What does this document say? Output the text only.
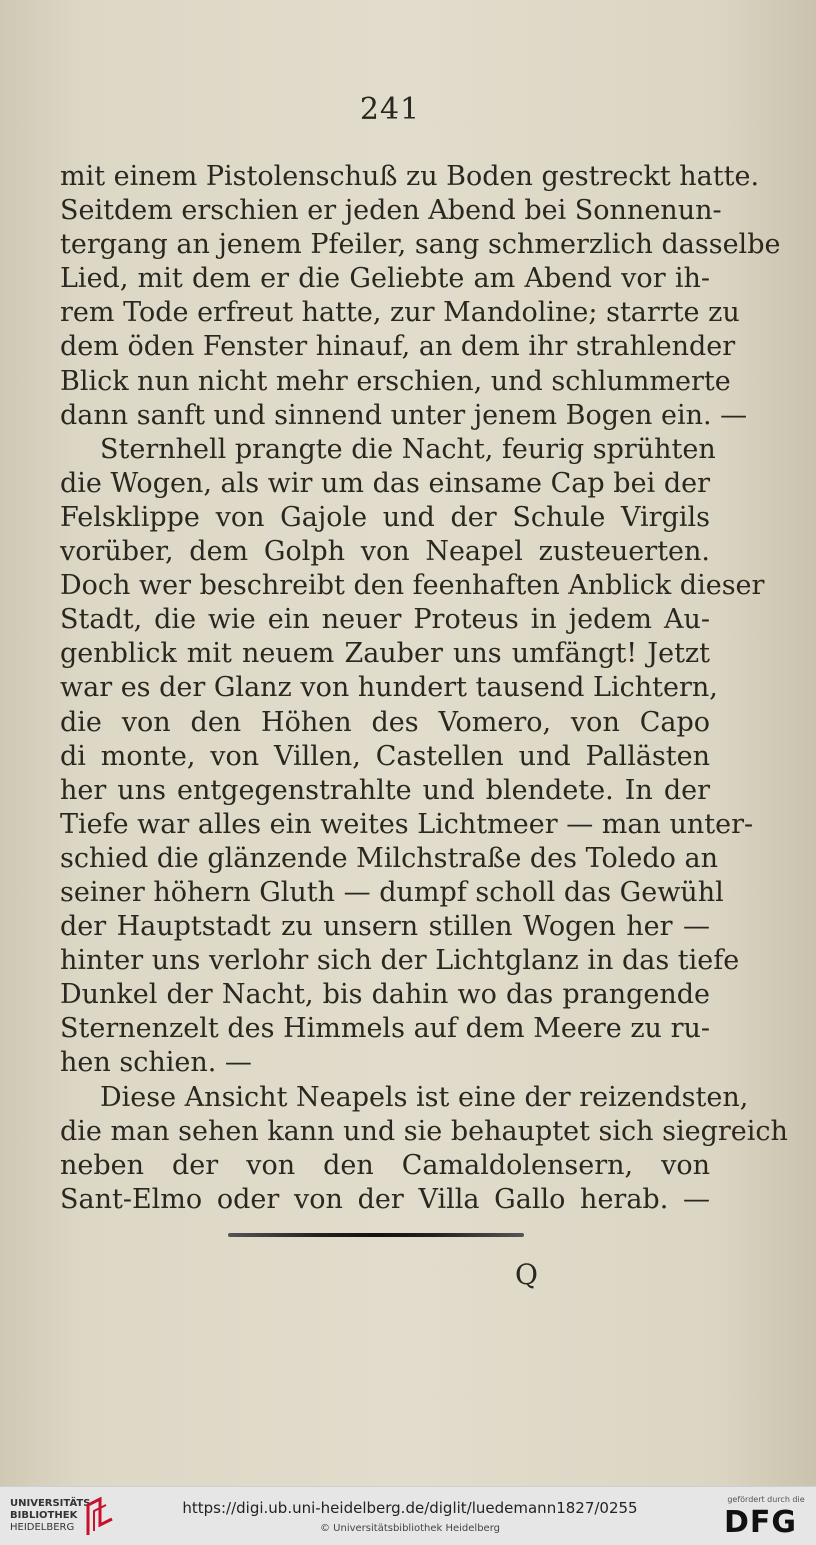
241
mit einem Pistolenschuß zu Boden gestreckt hatte.
Seitdem erschien er jeden Abend bei Sonnenun-
tergang an jenem Pfeiler, sang schmerzlich dasselbe
Lied, mit dem er die Geliebte am Abend vor ih-
rem Tode erfreut hatte, zur Mandoline; starrte zu
dem öden Fenster hinauf, an dem ihr strahlender
Blick nun nicht mehr erschien, und schlummerte
dann sanft und sinnend unter jenem Bogen ein. —
Sternhell prangte die Nacht, feurig sprühten
die Wogen, als wir um das einsame Cap bei der
Felsklippe von Gajole und der Schule Virgils
vorüber, dem Golph von Neapel zusteuerten.
Doch wer beschreibt den feenhaften Anblick dieser
Stadt, die wie ein neuer Proteus in jedem Au-
genblick mit neuem Zauber uns umfängt! Jetzt
war es der Glanz von hundert tausend Lichtern,
die von den Höhen des Vomero, von Capo
di monte, von Villen, Castellen und Pallästen
her uns entgegenstrahlte und blendete. In der
Tiefe war alles ein weites Lichtmeer — man unter-
schied die glänzende Milchstraße des Toledo an
seiner höhern Gluth — dumpf scholl das Gewühl
der Hauptstadt zu unsern stillen Wogen her —
hinter uns verlohr sich der Lichtglanz in das tiefe
Dunkel der Nacht, bis dahin wo das prangende
Sternenzelt des Himmels auf dem Meere zu ru-
hen schien. —
Diese Ansicht Neapels ist eine der reizendsten,
die man sehen kann und sie behauptet sich siegreich
neben der von den Camaldolensern, von
Sant-Elmo oder von der Villa Gallo herab. —
Q
UNIVERSITÄTS-
BIBLIOTHEK
HEIDELBERG
https://digi.ub.uni-heidelberg.de/diglit/luedemann1827/0255
© Universitätsbibliothek Heidelberg
gefördert durch die
DFG
